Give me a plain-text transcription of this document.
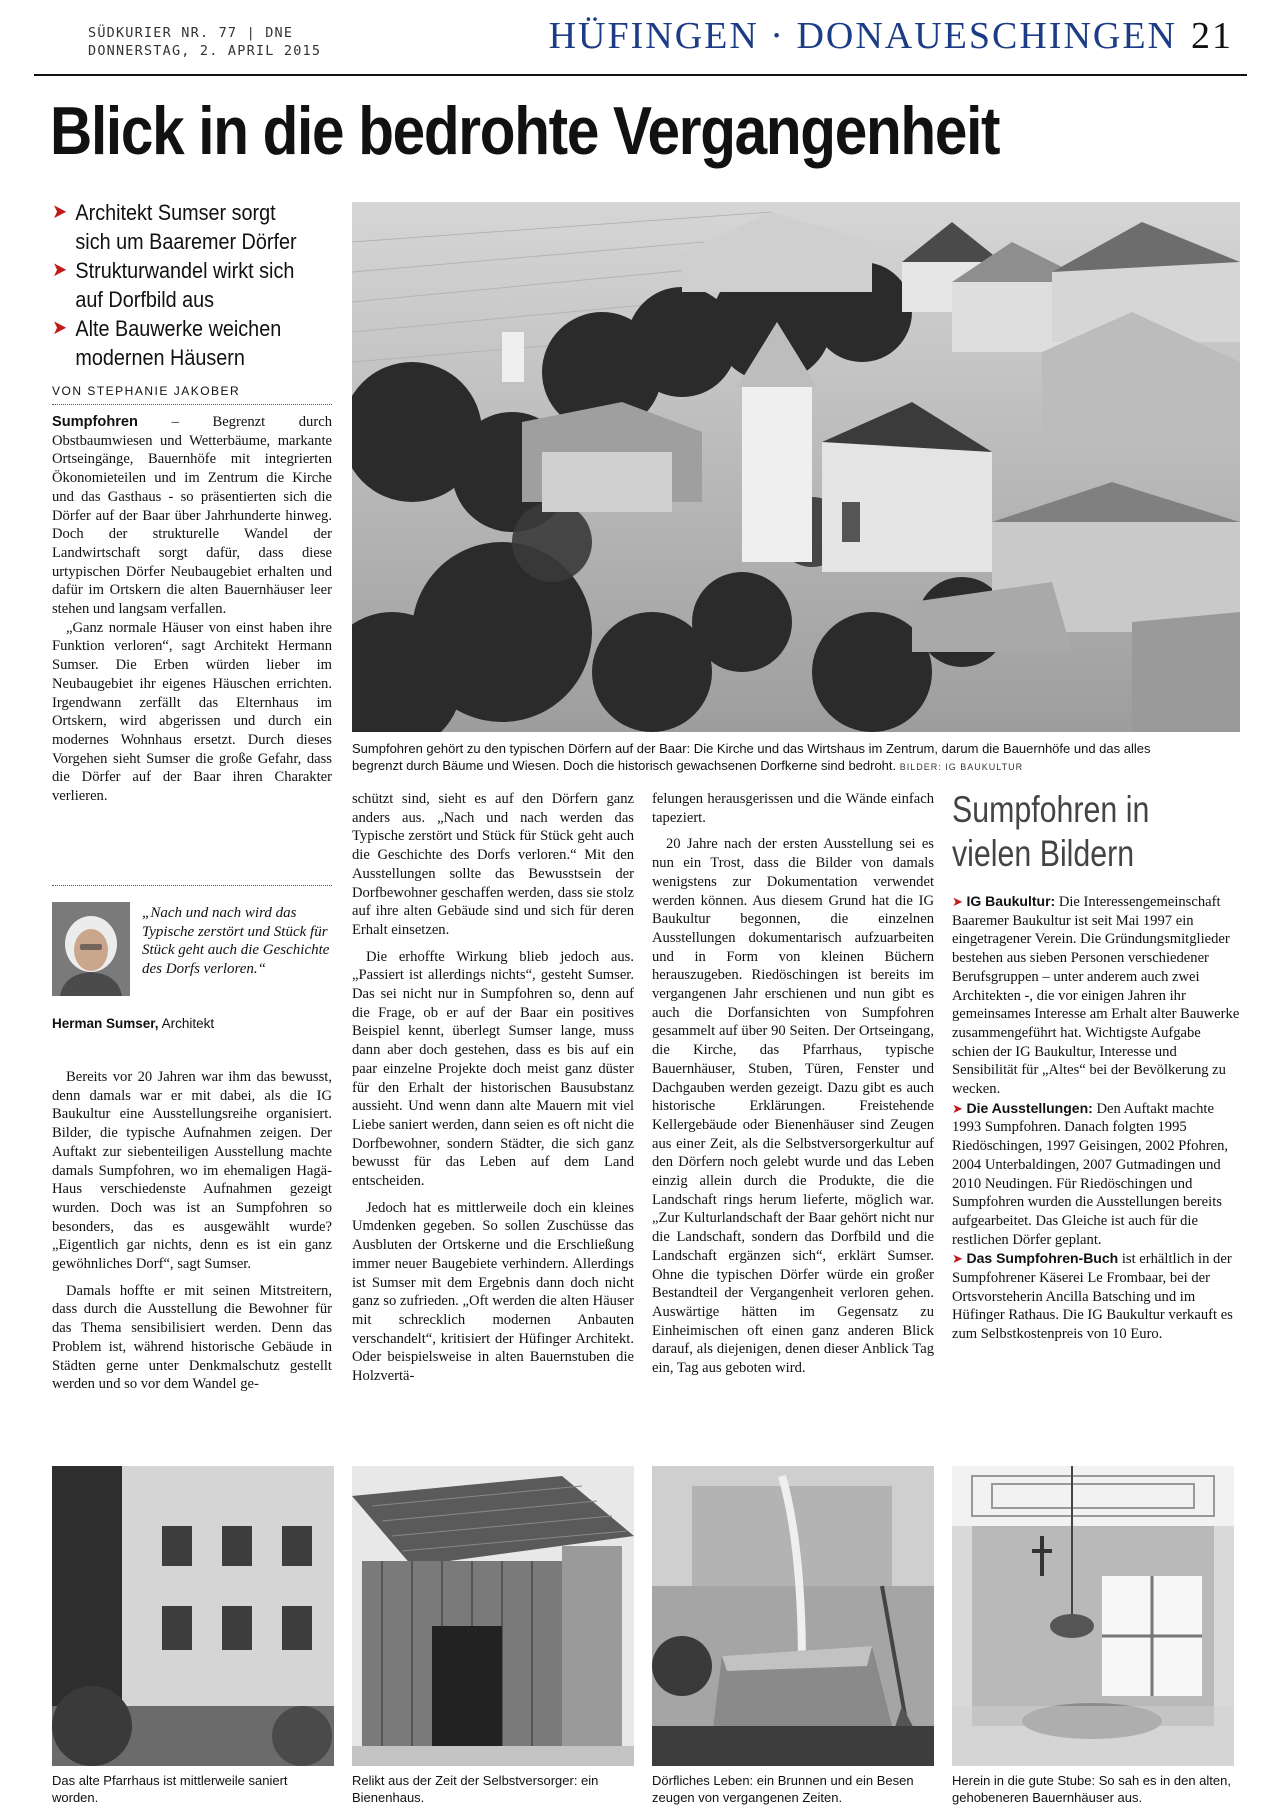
SÜDKURIER NR. 77 | DNE
DONNERSTAG, 2. APRIL 2015	HÜFINGEN · DONAUESCHINGEN 21
Blick in die bedrohte Vergangenheit
➤ Architekt Sumser sorgt sich um Baaremer Dörfer
➤ Strukturwandel wirkt sich auf Dorfbild aus
➤ Alte Bauwerke weichen modernen Häusern
VON STEPHANIE JAKOBER

Sumpfohren – Begrenzt durch Obstbaumwiesen und Wetterbäume, markante Ortseingänge, Bauernhöfe mit integrierten Ökonomieteilen und im Zentrum die Kirche und das Gasthaus - so präsentierten sich die Dörfer auf der Baar über Jahrhunderte hinweg. Doch der strukturelle Wandel der Landwirtschaft sorgt dafür, dass diese urtypischen Dörfer Neubaugebiet erhalten und dafür im Ortskern die alten Bauernhäuser leer stehen und langsam verfallen.

„Ganz normale Häuser von einst haben ihre Funktion verloren“, sagt Architekt Hermann Sumser. Die Erben würden lieber im Neubaugebiet ihr eigenes Häuschen errichten. Irgendwann zerfällt das Elternhaus im Ortskern, wird abgerissen und durch ein modernes Wohnhaus ersetzt. Durch dieses Vorgehen sieht Sumser die große Gefahr, dass die Dörfer auf der Baar ihren Charakter verlieren.

„Nach und nach wird das Typische zerstört und Stück für Stück geht auch die Geschichte des Dorfs verloren.“
Herman Sumser, Architekt

Bereits vor 20 Jahren war ihm das bewusst, denn damals war er mit dabei, als die IG Baukultur eine Ausstellungsreihe organisiert. Bilder, die typische Aufnahmen zeigen. Der Auftakt zur siebenteiligen Ausstellung machte damals Sumpfohren, wo im ehemaligen Hagä-Haus verschiedenste Aufnahmen gezeigt wurden. Doch was ist an Sumpfohren so besonders, das es ausgewählt wurde? „Eigentlich gar nichts, denn es ist ein ganz gewöhnliches Dorf“, sagt Sumser.

Damals hoffte er mit seinen Mitstreitern, dass durch die Ausstellung die Bewohner für das Thema sensibilisiert werden. Denn das Problem ist, während historische Gebäude in Städten gerne unter Denkmalschutz gestellt werden und so vor dem Wandel ge-

Sumpfohren gehört zu den typischen Dörfern auf der Baar: Die Kirche und das Wirtshaus im Zentrum, darum die Bauernhöfe und das alles begrenzt durch Bäume und Wiesen. Doch die historisch gewachsenen Dorfkerne sind bedroht. BILDER: IG BAUKULTUR

schützt sind, sieht es auf den Dörfern ganz anders aus. „Nach und nach werden das Typische zerstört und Stück für Stück geht auch die Geschichte des Dorfs verloren.“ Mit den Ausstellungen sollte das Bewusstsein der Dorfbewohner geschaffen werden, dass sie stolz auf ihre alten Gebäude sind und sich für deren Erhalt einsetzen.

Die erhoffte Wirkung blieb jedoch aus. „Passiert ist allerdings nichts“, gesteht Sumser. Das sei nicht nur in Sumpfohren so, denn auf die Frage, ob er auf der Baar ein positives Beispiel kennt, überlegt Sumser lange, muss dann aber doch gestehen, dass es bis auf ein paar einzelne Projekte doch meist ganz düster für den Erhalt der historischen Bausubstanz aussieht. Und wenn dann alte Mauern mit viel Liebe saniert werden, dann seien es oft nicht die Dorfbewohner, sondern Städter, die sich ganz bewusst für das Leben auf dem Land entscheiden.

Jedoch hat es mittlerweile doch ein kleines Umdenken gegeben. So sollen Zuschüsse das Ausbluten der Ortskerne und die Erschließung immer neuer Baugebiete verhindern. Allerdings ist Sumser mit dem Ergebnis dann doch nicht ganz so zufrieden. „Oft werden die alten Häuser mit schrecklich modernen Anbauten verschandelt“, kritisiert der Hüfinger Architekt. Oder beispielsweise in alten Bauernstuben die Holzvertä-

felungen herausgerissen und die Wände einfach tapeziert.

20 Jahre nach der ersten Ausstellung sei es nun ein Trost, dass die Bilder von damals wenigstens zur Dokumentation verwendet werden können. Aus diesem Grund hat die IG Baukultur begonnen, die einzelnen Ausstellungen dokumentarisch aufzuarbeiten und in Form von kleinen Büchern herauszugeben. Riedöschingen ist bereits im vergangenen Jahr erschienen und nun gibt es auch die Dorfansichten von Sumpfohren gesammelt auf über 90 Seiten. Der Ortseingang, die Kirche, das Pfarrhaus, typische Bauernhäuser, Stuben, Türen, Fenster und Dachgauben werden gezeigt. Dazu gibt es auch historische Erklärungen. Freistehende Kellergebäude oder Bienenhäuser sind Zeugen aus einer Zeit, als die Selbstversorgerkultur auf den Dörfern noch gelebt wurde und das Leben einzig allein durch die Produkte, die die Landschaft rings herum lieferte, möglich war. „Zur Kulturlandschaft der Baar gehört nicht nur die Landschaft, sondern das Dorfbild und die Landschaft ergänzen sich“, erklärt Sumser. Ohne die typischen Dörfer würde ein großer Bestandteil der Vergangenheit verloren gehen. Auswärtige hätten im Gegensatz zu Einheimischen oft einen ganz anderen Blick darauf, als diejenigen, denen dieser Anblick Tag ein, Tag aus geboten wird.

Sumpfohren in
vielen Bildern

➤ IG Baukultur: Die Interessengemeinschaft Baaremer Baukultur ist seit Mai 1997 ein eingetragener Verein. Die Gründungsmitglieder bestehen aus sieben Personen verschiedener Berufsgruppen – unter anderem auch zwei Architekten -, die vor einigen Jahren ihr gemeinsames Interesse am Erhalt alter Bauwerke zusammengeführt hat. Wichtigste Aufgabe schien der IG Baukultur, Interesse und Sensibilität für „Altes“ bei der Bevölkerung zu wecken.

➤ Die Ausstellungen: Den Auftakt machte 1993 Sumpfohren. Danach folgten 1995 Riedöschingen, 1997 Geisingen, 2002 Pfohren, 2004 Unterbaldingen, 2007 Gutmadingen und 2010 Neudingen. Für Riedöschingen und Sumpfohren wurden die Ausstellungen bereits aufgearbeitet. Das Gleiche ist auch für die restlichen Dörfer geplant.

➤ Das Sumpfohren-Buch ist erhältlich in der Sumpfohrener Käserei Le Frombaar, bei der Ortsvorsteherin Ancilla Batsching und im Hüfinger Rathaus. Die IG Baukultur verkauft es zum Selbstkostenpreis von 10 Euro.

Das alte Pfarrhaus ist mittlerweile saniert worden.
Relikt aus der Zeit der Selbstversorger: ein Bienenhaus.
Dörfliches Leben: ein Brunnen und ein Besen zeugen von vergangenen Zeiten.
Herein in die gute Stube: So sah es in den alten, gehobeneren Bauernhäuser aus.
